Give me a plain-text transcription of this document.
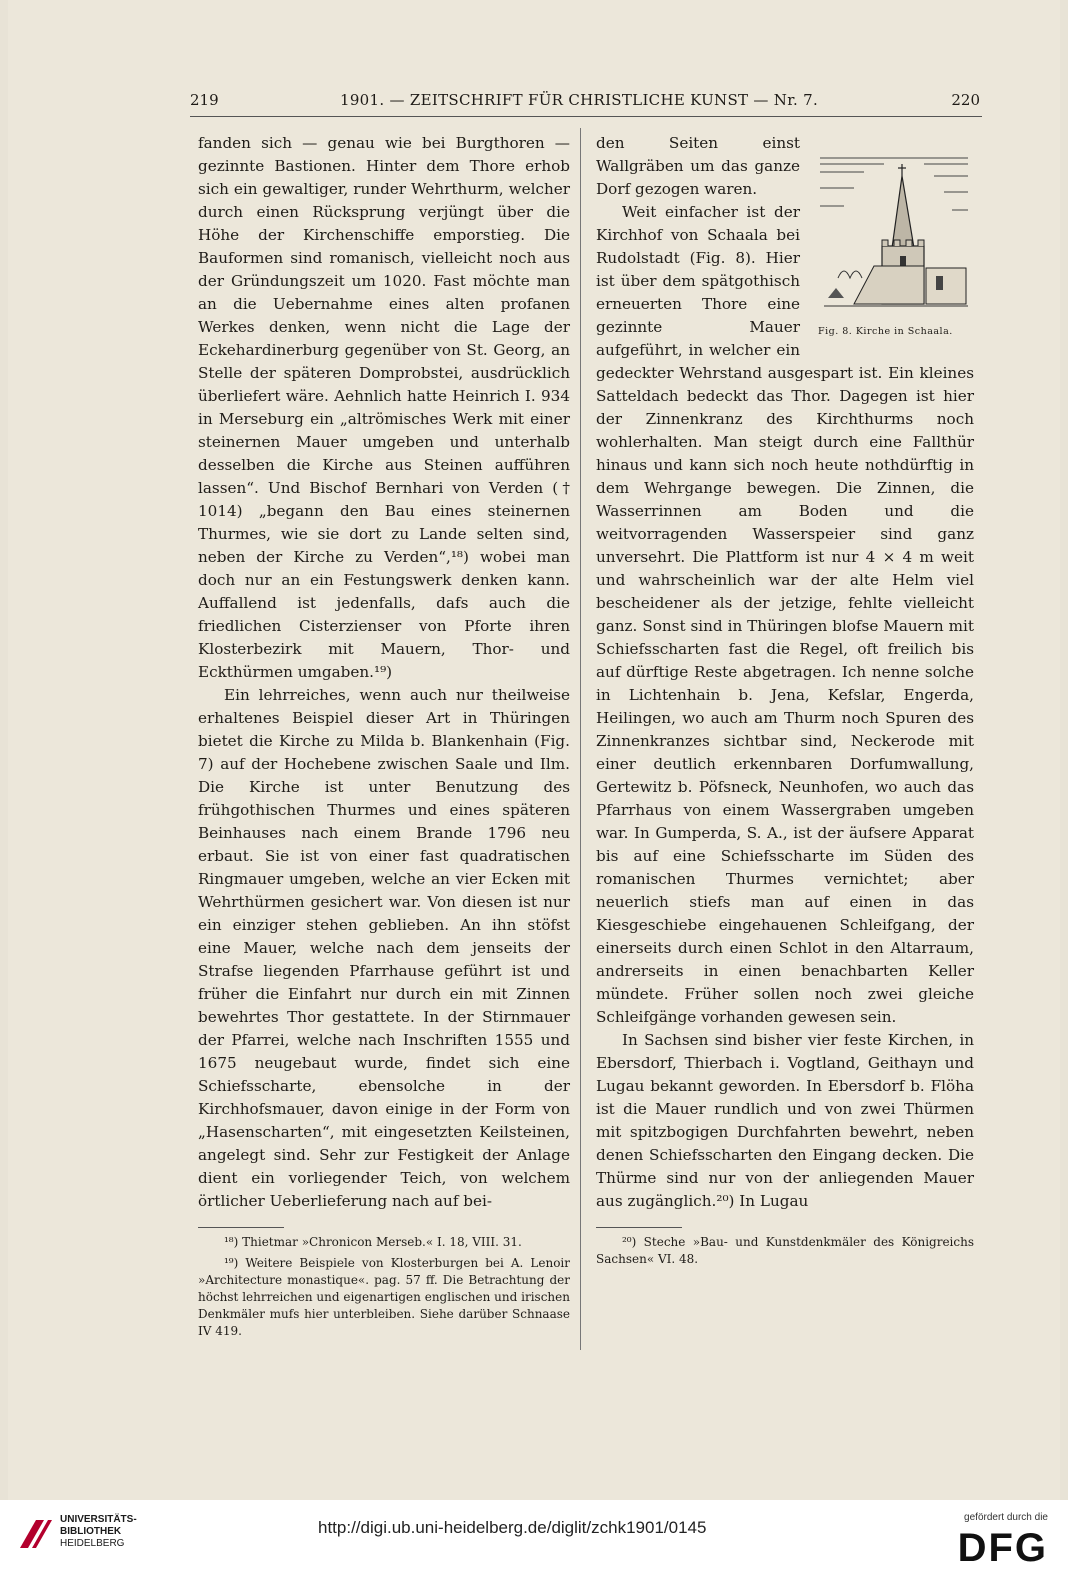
219	1901. — ZEITSCHRIFT FÜR CHRISTLICHE KUNST — Nr. 7.	220

fanden sich — genau wie bei Burgthoren — gezinnte Bastionen. Hinter dem Thore erhob sich ein gewaltiger, runder Wehrthurm, welcher durch einen Rücksprung verjüngt über die Höhe der Kirchenschiffe emporstieg. Die Bauformen sind romanisch, vielleicht noch aus der Gründungszeit um 1020. Fast möchte man an die Uebernahme eines alten profanen Werkes denken, wenn nicht die Lage der Eckehardinerburg gegenüber von St. Georg, an Stelle der späteren Domprobstei, ausdrücklich überliefert wäre. Aehnlich hatte Heinrich I. 934 in Merseburg ein „altrömisches Werk mit einer steinernen Mauer umgeben und unterhalb desselben die Kirche aus Steinen aufführen lassen“. Und Bischof Bernhari von Verden († 1014) „begann den Bau eines steinernen Thurmes, wie sie dort zu Lande selten sind, neben der Kirche zu Verden“,¹⁸) wobei man doch nur an ein Festungswerk denken kann. Auffallend ist jedenfalls, dafs auch die friedlichen Cisterzienser von Pforte ihren Klosterbezirk mit Mauern, Thor- und Eckthürmen umgaben.¹⁹)

Ein lehrreiches, wenn auch nur theilweise erhaltenes Beispiel dieser Art in Thüringen bietet die Kirche zu Milda b. Blankenhain (Fig. 7) auf der Hochebene zwischen Saale und Ilm. Die Kirche ist unter Benutzung des frühgothischen Thurmes und eines späteren Beinhauses nach einem Brande 1796 neu erbaut. Sie ist von einer fast quadratischen Ringmauer umgeben, welche an vier Ecken mit Wehrthürmen gesichert war. Von diesen ist nur ein einziger stehen geblieben. An ihn stöfst eine Mauer, welche nach dem jenseits der Strafse liegenden Pfarrhause geführt ist und früher die Einfahrt nur durch ein mit Zinnen bewehrtes Thor gestattete. In der Stirnmauer der Pfarrei, welche nach Inschriften 1555 und 1675 neugebaut wurde, findet sich eine Schiefsscharte, ebensolche in der Kirchhofsmauer, davon einige in der Form von „Hasenscharten“, mit eingesetzten Keilsteinen, angelegt sind. Sehr zur Festigkeit der Anlage dient ein vorliegender Teich, von welchem örtlicher Ueberlieferung nach auf bei-

¹⁸) Thietmar »Chronicon Merseb.« I. 18, VIII. 31.

¹⁹) Weitere Beispiele von Klosterburgen bei A. Lenoir »Architecture monastique«. pag. 57 ff. Die Betrachtung der höchst lehrreichen und eigenartigen englischen und irischen Denkmäler mufs hier unterbleiben. Siehe darüber Schnaase IV 419.

Fig. 8. Kirche in Schaala.

den Seiten einst Wallgräben um das ganze Dorf gezogen waren.

Weit einfacher ist der Kirchhof von Schaala bei Rudolstadt (Fig. 8). Hier ist über dem spätgothisch erneuerten Thore eine gezinnte Mauer aufgeführt, in welcher ein gedeckter Wehrstand ausgespart ist. Ein kleines Satteldach bedeckt das Thor. Dagegen ist hier der Zinnenkranz des Kirchthurms noch wohlerhalten. Man steigt durch eine Fallthür hinaus und kann sich noch heute nothdürftig in dem Wehrgange bewegen. Die Zinnen, die Wasserrinnen am Boden und die weitvorragenden Wasserspeier sind ganz unversehrt. Die Plattform ist nur 4 × 4 m weit und wahrscheinlich war der alte Helm viel bescheidener als der jetzige, fehlte vielleicht ganz. Sonst sind in Thüringen blofse Mauern mit Schiefsscharten fast die Regel, oft freilich bis auf dürftige Reste abgetragen. Ich nenne solche in Lichtenhain b. Jena, Kefslar, Engerda, Heilingen, wo auch am Thurm noch Spuren des Zinnenkranzes sichtbar sind, Neckerode mit einer deutlich erkennbaren Dorfumwallung, Gertewitz b. Pöfsneck, Neunhofen, wo auch das Pfarrhaus von einem Wassergraben umgeben war. In Gumperda, S. A., ist der äufsere Apparat bis auf eine Schiefsscharte im Süden des romanischen Thurmes vernichtet; aber neuerlich stiefs man auf einen in das Kiesgeschiebe eingehauenen Schleifgang, der einerseits durch einen Schlot in den Altarraum, andrerseits in einen benachbarten Keller mündete. Früher sollen noch zwei gleiche Schleifgänge vorhanden gewesen sein.

In Sachsen sind bisher vier feste Kirchen, in Ebersdorf, Thierbach i. Vogtland, Geithayn und Lugau bekannt geworden. In Ebersdorf b. Flöha ist die Mauer rundlich und von zwei Thürmen mit spitzbogigen Durchfahrten bewehrt, neben denen Schiefsscharten den Eingang decken. Die Thürme sind nur von der anliegenden Mauer aus zugänglich.²⁰) In Lugau

²⁰) Steche »Bau- und Kunstdenkmäler des Königreichs Sachsen« VI. 48.

UNIVERSITÄTS-
BIBLIOTHEK
HEIDELBERG
http://digi.ub.uni-heidelberg.de/diglit/zchk1901/0145
gefördert durch die
DFG
